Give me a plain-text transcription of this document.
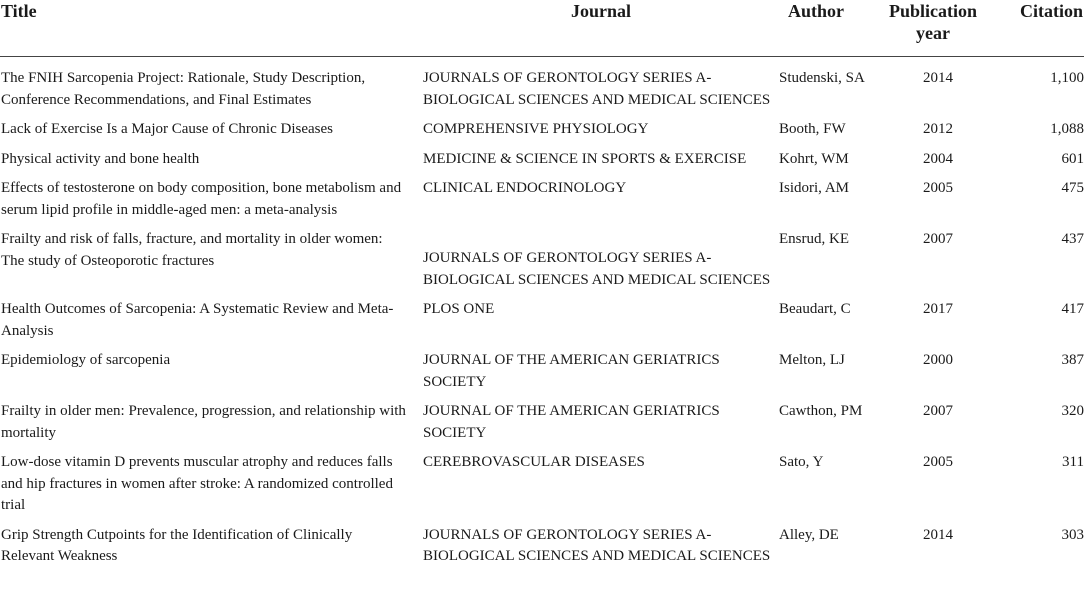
Title	Journal	Author	Publication year	Citation
The FNIH Sarcopenia Project: Rationale, Study Description, Conference Recommendations, and Final Estimates	JOURNALS OF GERONTOLOGY SERIES A-BIOLOGICAL SCIENCES AND MEDICAL SCIENCES	Studenski, SA	2014	1,100
Lack of Exercise Is a Major Cause of Chronic Diseases	COMPREHENSIVE PHYSIOLOGY	Booth, FW	2012	1,088
Physical activity and bone health	MEDICINE & SCIENCE IN SPORTS & EXERCISE	Kohrt, WM	2004	601
Effects of testosterone on body composition, bone metabolism and serum lipid profile in middle-aged men: a meta-analysis	CLINICAL ENDOCRINOLOGY	Isidori, AM	2005	475
Frailty and risk of falls, fracture, and mortality in older women: The study of Osteoporotic fractures	JOURNALS OF GERONTOLOGY SERIES A-BIOLOGICAL SCIENCES AND MEDICAL SCIENCES	Ensrud, KE	2007	437
Health Outcomes of Sarcopenia: A Systematic Review and Meta-Analysis	PLOS ONE	Beaudart, C	2017	417
Epidemiology of sarcopenia	JOURNAL OF THE AMERICAN GERIATRICS SOCIETY	Melton, LJ	2000	387
Frailty in older men: Prevalence, progression, and relationship with mortality	JOURNAL OF THE AMERICAN GERIATRICS SOCIETY	Cawthon, PM	2007	320
Low-dose vitamin D prevents muscular atrophy and reduces falls and hip fractures in women after stroke: A randomized controlled trial	CEREBROVASCULAR DISEASES	Sato, Y	2005	311
Grip Strength Cutpoints for the Identification of Clinically Relevant Weakness	JOURNALS OF GERONTOLOGY SERIES A-BIOLOGICAL SCIENCES AND MEDICAL SCIENCES	Alley, DE	2014	303
